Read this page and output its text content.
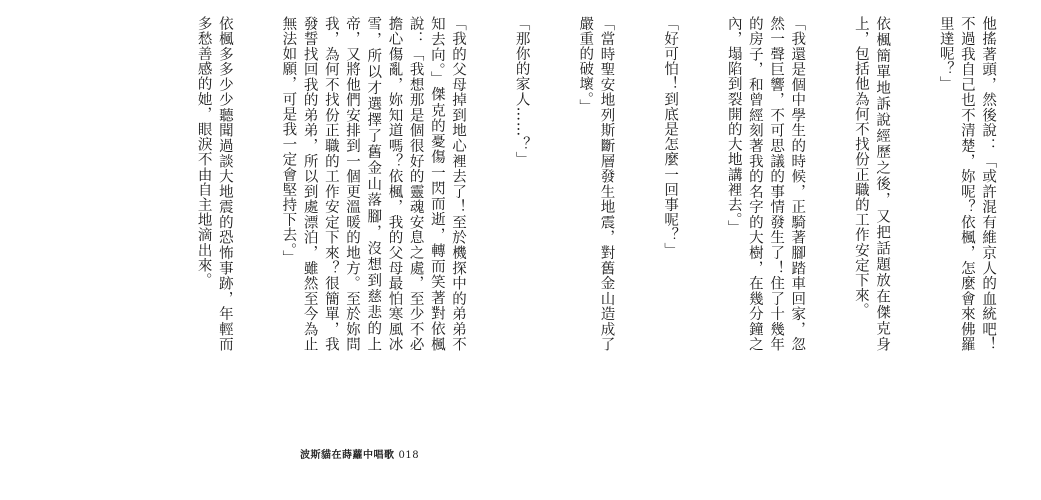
他搖著頭，然後說：「或許混有維京人的血統吧！不過我自己也不清楚，妳呢？依楓，怎麼會來佛羅里達呢？」

依楓簡單地訴說經歷之後，又把話題放在傑克身上，包括他為何不找份正職的工作安定下來。

「我還是個中學生的時候，正騎著腳踏車回家，忽然一聲巨響，不可思議的事情發生了！住了十幾年的房子，和曾經刻著我的名字的大樹，在幾分鐘之內，塌陷到裂開的大地講裡去。」

「好可怕！到底是怎麼一回事呢？」

「當時聖安地列斯斷層發生地震，對舊金山造成了嚴重的破壞。」

「那你的家人……？」

「我的父母掉到地心裡去了！至於機探中的弟弟不知去向。」傑克的憂傷一閃而逝，轉而笑著對依楓說：「我想那是個很好的靈魂安息之處，至少不必擔心傷亂，妳知道嗎？依楓，我的父母最怕寒風冰雪，所以才選擇了舊金山落腳，沒想到慈悲的上帝，又將他們安排到一個更溫暖的地方。至於妳問我，為何不找份正職的工作安定下來？很簡單，我發誓找回我的弟弟，所以到處漂泊，雖然至今為止無法如願，可是我一定會堅持下去。」

依楓多多少少聽聞過談大地震的恐怖事跡，年輕而多愁善感的她，眼淚不由自主地滴出來。

波斯貓在蒔蘿中唱歌 018
